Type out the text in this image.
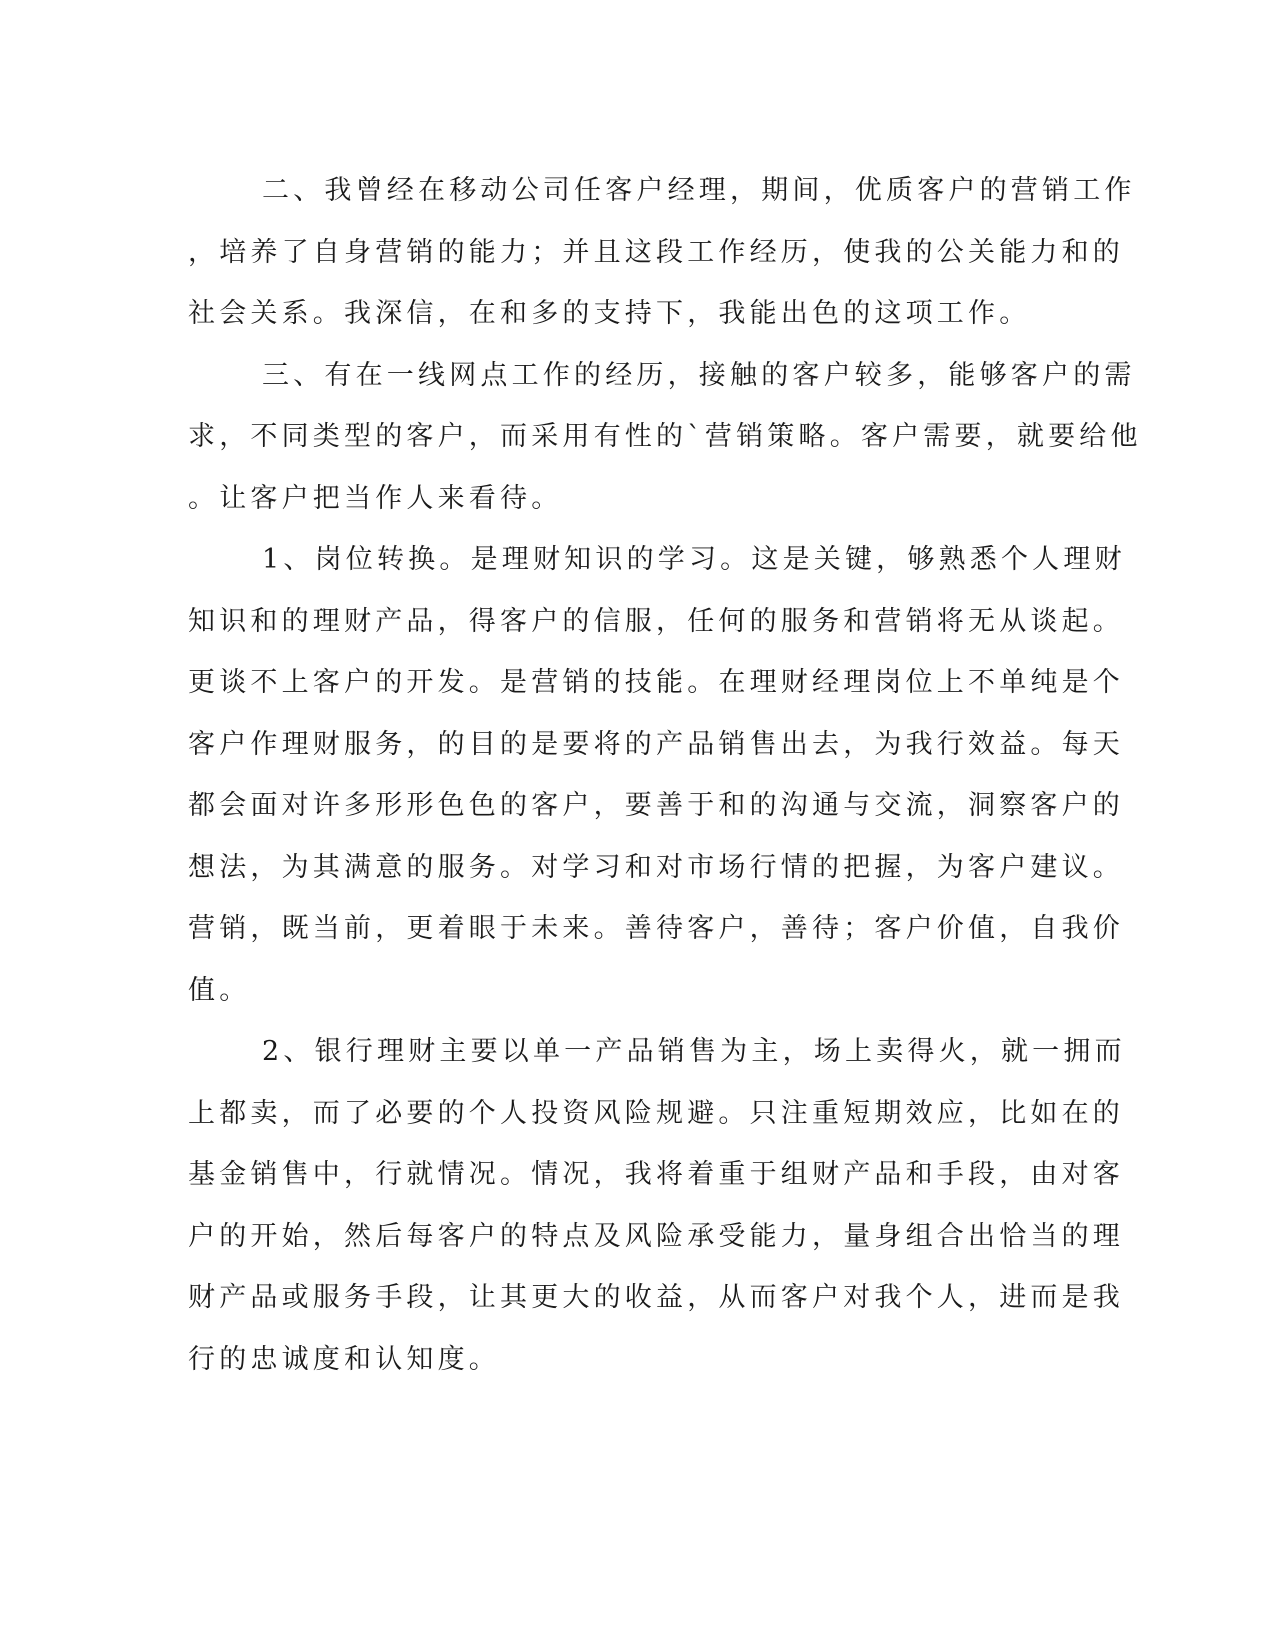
二、我曾经在移动公司任客户经理，期间，优质客户的营销工作
，培养了自身营销的能力；并且这段工作经历，使我的公关能力和的
社会关系。我深信，在和多的支持下，我能出色的这项工作。
三、有在一线网点工作的经历，接触的客户较多，能够客户的需
求，不同类型的客户，而采用有性的`营销策略。客户需要，就要给他
。让客户把当作人来看待。
1、岗位转换。是理财知识的学习。这是关键，够熟悉个人理财
知识和的理财产品，得客户的信服，任何的服务和营销将无从谈起。
更谈不上客户的开发。是营销的技能。在理财经理岗位上不单纯是个
客户作理财服务，的目的是要将的产品销售出去，为我行效益。每天
都会面对许多形形色色的客户，要善于和的沟通与交流，洞察客户的
想法，为其满意的服务。对学习和对市场行情的把握，为客户建议。
营销，既当前，更着眼于未来。善待客户，善待；客户价值，自我价
值。
2、银行理财主要以单一产品销售为主，场上卖得火，就一拥而
上都卖，而了必要的个人投资风险规避。只注重短期效应，比如在的
基金销售中，行就情况。情况，我将着重于组财产品和手段，由对客
户的开始，然后每客户的特点及风险承受能力，量身组合出恰当的理
财产品或服务手段，让其更大的收益，从而客户对我个人，进而是我
行的忠诚度和认知度。
